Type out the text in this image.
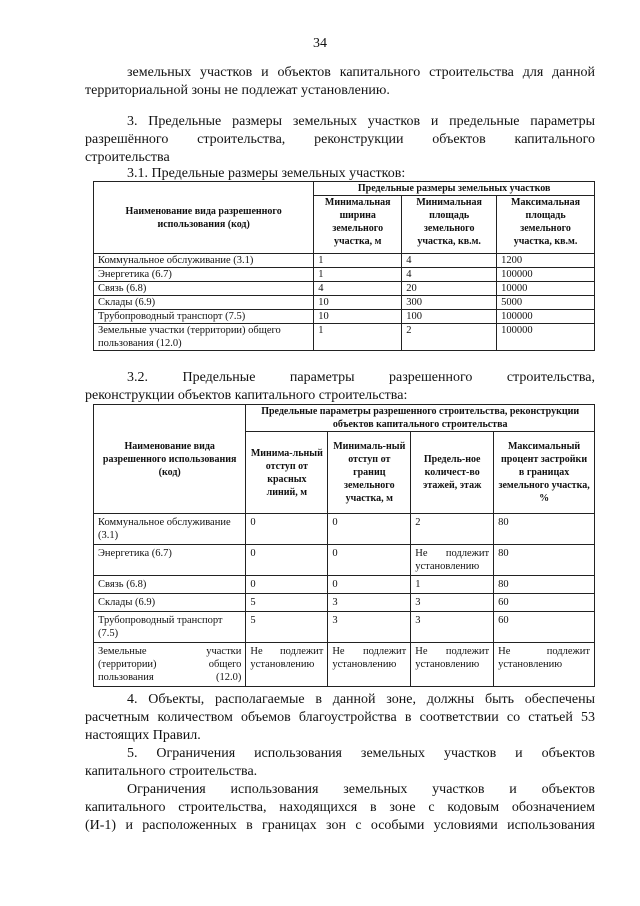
34

земельных участков и объектов капитального строительства для данной

территориальной зоны не подлежат установлению.

3. Предельные размеры земельных участков и предельные параметры

разрешённого строительства, реконструкции объектов капитального

строительства

3.1. Предельные размеры земельных участков:

Наименование вида разрешенного использования (код)	Предельные размеры земельных участков		
	Минимальная ширина земельного участка, м	Минимальная площадь земельного участка, кв.м.	Максимальная площадь земельного участка, кв.м.
Коммунальное обслуживание (3.1)	1	4	1200
Энергетика (6.7)	1	4	100000
Связь (6.8)	4	20	10000
Склады (6.9)	10	300	5000
Трубопроводный транспорт (7.5)	10	100	100000
Земельные участки (территории) общего пользования (12.0)	1	2	100000

3.2. Предельные параметры разрешенного строительства,

реконструкции объектов капитального строительства:

Наименование вида разрешенного использования (код)	Предельные параметры разрешенного строительства, реконструкции объектов капитального строительства			
	Минима-льный отступ от красных линий, м	Минималь-ный отступ от границ земельного участка, м	Предель-ное количест-во этажей, этаж	Максимальный процент застройки в границах земельного участка, %
Коммунальное обслуживание (3.1)	0	0	2	80
Энергетика (6.7)	0	0	Не подлежит установлению	80
Связь (6.8)	0	0	1	80
Склады (6.9)	5	3	3	60
Трубопроводный транспорт (7.5)	5	3	3	60
Земельные участки (территории) общего пользования (12.0)	Не подлежит установлению	Не подлежит установлению	Не подлежит установлению	Не подлежит установлению

4. Объекты, располагаемые в данной зоне, должны быть обеспечены

расчетным количеством объемов благоустройства в соответствии со статьей 53

настоящих Правил.

5. Ограничения использования земельных участков и объектов

капитального строительства.

Ограничения использования земельных участков и объектов

капитального строительства, находящихся в зоне с кодовым обозначением

(И-1) и расположенных в границах зон с особыми условиями использования
